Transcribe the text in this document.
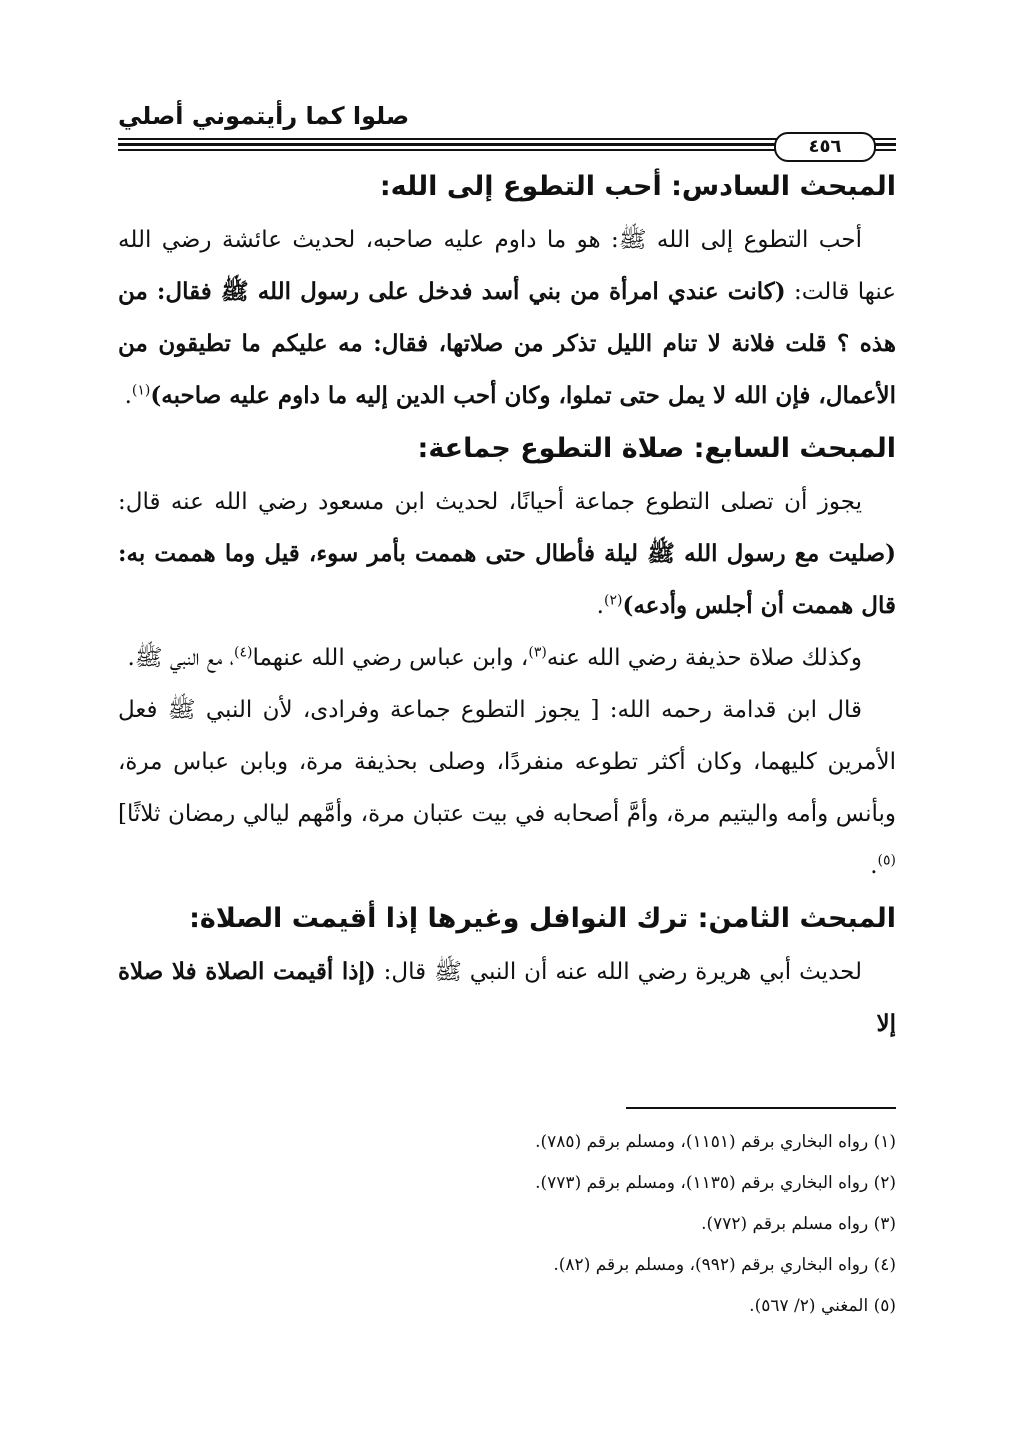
صلوا كما رأيتموني أصلي
٤٥٦
المبحث السادس: أحب التطوع إلى الله:

أحب التطوع إلى الله ﷺ: هو ما داوم عليه صاحبه، لحديث عائشة رضي الله عنها قالت: (كانت عندي امرأة من بني أسد فدخل على رسول الله ﷺ فقال: من هذه ؟ قلت فلانة لا تنام الليل تذكر من صلاتها، فقال: مه عليكم ما تطيقون من الأعمال، فإن الله لا يمل حتى تملوا، وكان أحب الدين إليه ما داوم عليه صاحبه)$^{(١)}$.

المبحث السابع: صلاة التطوع جماعة:

يجوز أن تصلى التطوع جماعة أحيانًا، لحديث ابن مسعود رضي الله عنه قال: (صليت مع رسول الله ﷺ ليلة فأطال حتى هممت بأمر سوء، قيل وما هممت به: قال هممت أن أجلس وأدعه)$^{(٢)}$.

وكذلك صلاة حذيفة رضي الله عنه$^{(٣)}$، وابن عباس رضي الله عنهما$^{(٤)}$، مع النبي ﷺ.

قال ابن قدامة رحمه الله: [ يجوز التطوع جماعة وفرادى، لأن النبي ﷺ فعل الأمرين كليهما، وكان أكثر تطوعه منفردًا، وصلى بحذيفة مرة، وبابن عباس مرة، وبأنس وأمه واليتيم مرة، وأمَّ أصحابه في بيت عتبان مرة، وأمَّهم ليالي رمضان ثلاثًا]$^{(٥)}$.

المبحث الثامن: ترك النوافل وغيرها إذا أقيمت الصلاة:

لحديث أبي هريرة رضي الله عنه أن النبي ﷺ قال: (إذا أقيمت الصلاة فلا صلاة إلا

(١) رواه البخاري برقم (١١٥١)، ومسلم برقم (٧٨٥).

(٢) رواه البخاري برقم (١١٣٥)، ومسلم برقم (٧٧٣).

(٣) رواه مسلم برقم (٧٧٢).

(٤) رواه البخاري برقم (٩٩٢)، ومسلم برقم (٨٢).

(٥) المغني (٢/ ٥٦٧).
